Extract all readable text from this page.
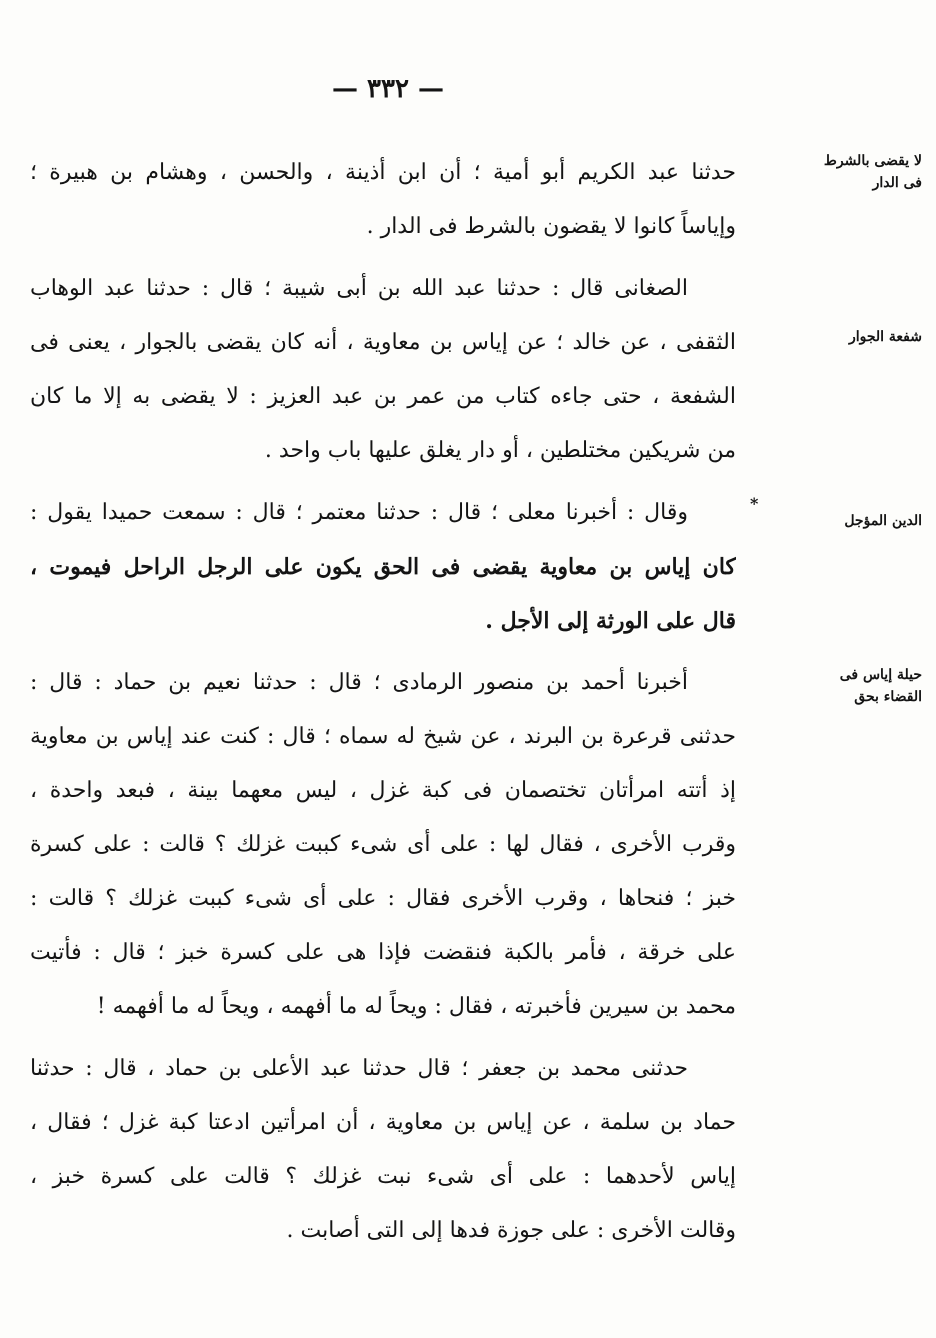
— ٣٣٢ —
لا يقضى بالشرط
فى الدار
شفعة الجوار
الدين المؤجل
حيلة إياس فى
القضاء بحق
*
حدثنا عبد الكريم أبو أمية ؛ أن ابن أذينة ، والحسن ، وهشام بن هبيرة ؛
وإياساً كانوا لا يقضون بالشرط فى الدار .
الصغانى قال : حدثنا عبد الله بن أبى شيبة ؛ قال : حدثنا عبد الوهاب
الثقفى ، عن خالد ؛ عن إياس بن معاوية ، أنه كان يقضى بالجوار ، يعنى فى
الشفعة ، حتى جاءه كتاب من عمر بن عبد العزيز : لا يقضى به إلا ما كان
من شريكين مختلطين ، أو دار يغلق عليها باب واحد .
وقال : أخبرنا معلى ؛ قال : حدثنا معتمر ؛ قال : سمعت حميدا يقول :
كان إياس بن معاوية يقضى فى الحق يكون على الرجل الراحل فيموت ،
قال على الورثة إلى الأجل .
أخبرنا أحمد بن منصور الرمادى ؛ قال : حدثنا نعيم بن حماد : قال :
حدثنى قرعرة بن البرند ، عن شيخ له سماه ؛ قال : كنت عند إياس بن معاوية
إذ أتته امرأتان تختصمان فى كبة غزل ، ليس معهما بينة ، فبعد واحدة ،
وقرب الأخرى ، فقال لها : على أى شىء كببت غزلك ؟ قالت : على كسرة
خبز ؛ فنحاها ، وقرب الأخرى فقال : على أى شىء كببت غزلك ؟ قالت :
على خرقة ، فأمر بالكبة فنقضت فإذا هى على كسرة خبز ؛ قال : فأتيت
محمد بن سيرين فأخبرته ، فقال : ويحاً له ما أفهمه ، ويحاً له ما أفهمه !
حدثنى محمد بن جعفر ؛ قال حدثنا عبد الأعلى بن حماد ، قال : حدثنا
حماد بن سلمة ، عن إياس بن معاوية ، أن امرأتين ادعتا كبة غزل ؛ فقال ،
إياس لأحدهما : على أى شىء نبت غزلك ؟ قالت على كسرة خبز ،
وقالت الأخرى : على جوزة فدها إلى التى أصابت .
